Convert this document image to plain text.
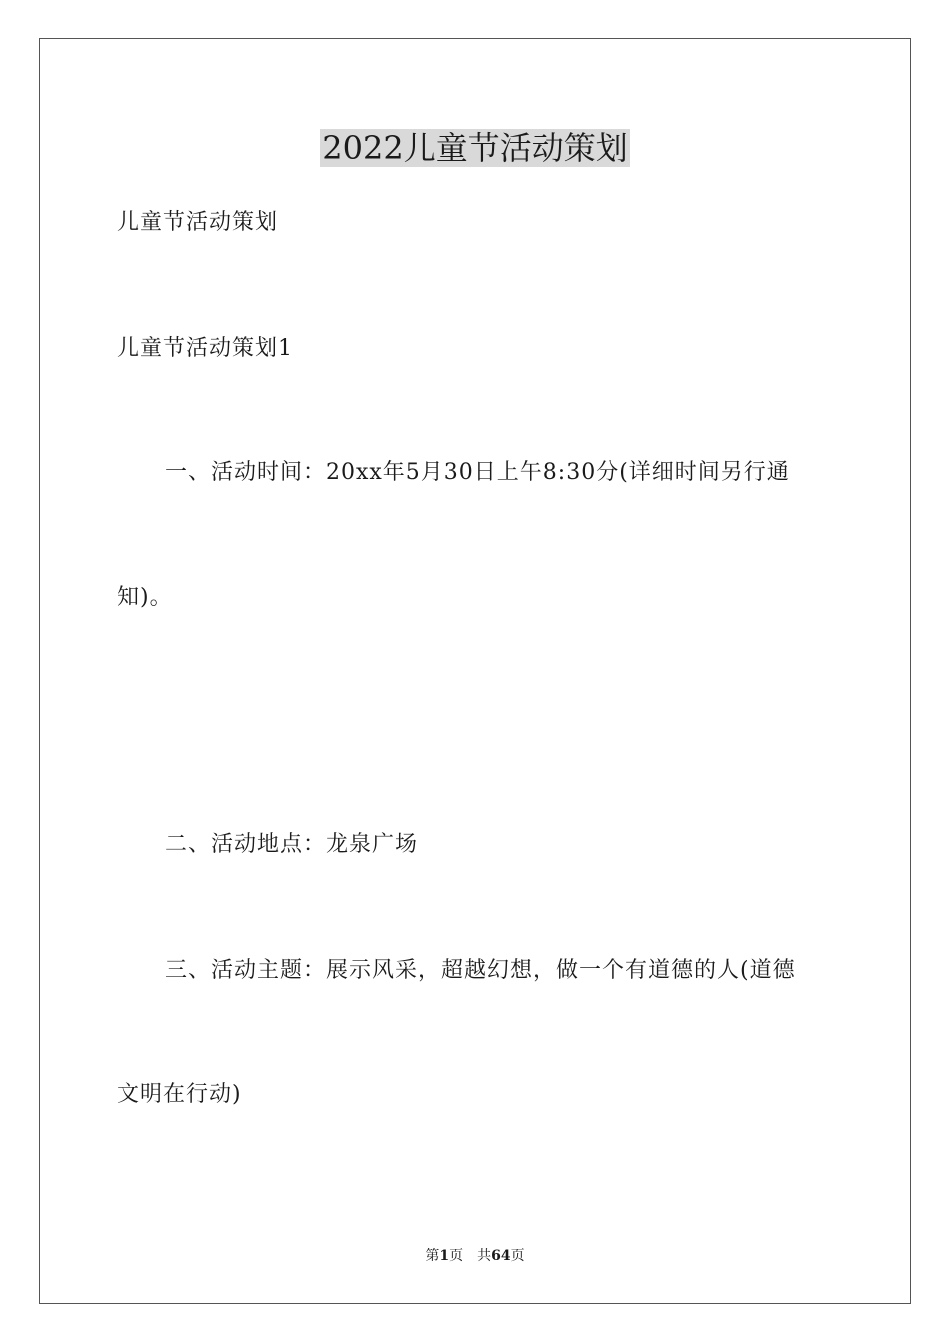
2022儿童节活动策划
儿童节活动策划
儿童节活动策划1
一、活动时间：20xx年5月30日上午8:30分(详细时间另行通
知)。
二、活动地点：龙泉广场
三、活动主题：展示风采，超越幻想，做一个有道德的人(道德
文明在行动)
第1页　共64页
